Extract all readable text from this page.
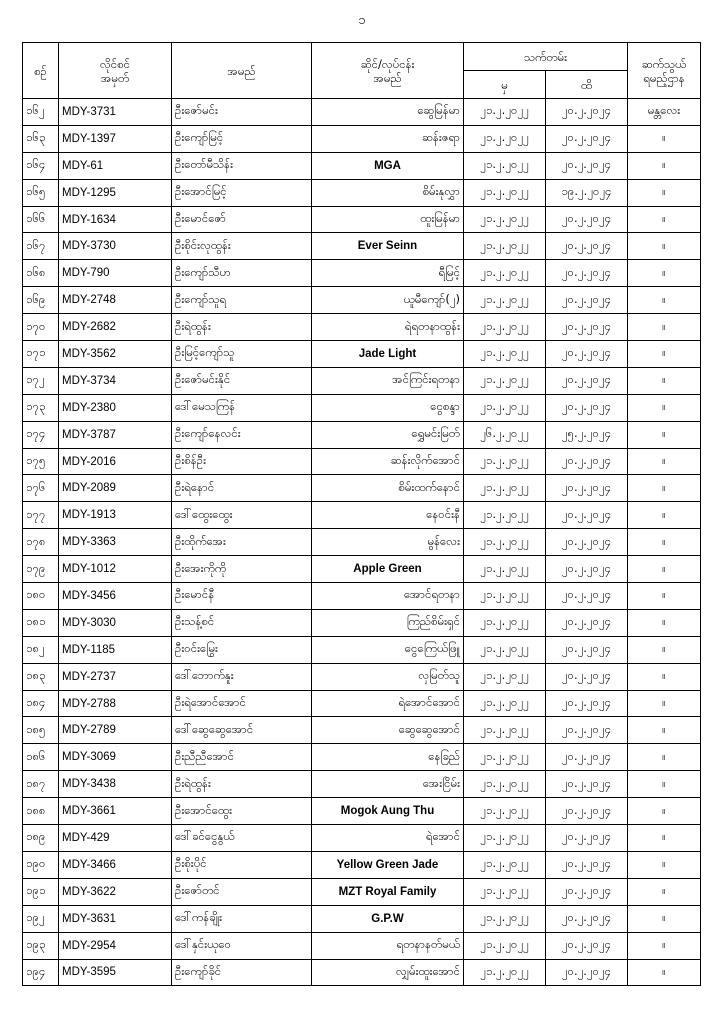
၁
စဉ်	လိုင်စင်
အမှတ်	အမည်	ဆိုင်/လုပ်ငန်း
အမည်	သက်တမ်း		ဆက်သွယ်
ရမည့်ဌာန
				မှ	ထိ	
၁၆၂	MDY-3731	ဦးဇော်မင်း	ဆွေမြန်မာ	၂၁.၂.၂၀၂၂	၂၀.၂.၂၀၂၄	မန္တလေး
၁၆၃	MDY-1397	ဦးကျော်မြင့်	ဆန်းဇရာ	၂၁.၂.၂၀၂၂	၂၀.၂.၂၀၂၄	။
၁၆၄	MDY-61	ဦးတော်မီသိန်း	MGA	၂၁.၂.၂၀၂၂	၂၀.၂.၂၀၂၄	။
၁၆၅	MDY-1295	ဦးအောင်မြင့်	စိမ်းနုလွှာ	၂၁.၂.၂၀၂၂	၁၉.၂.၂၀၂၄	။
၁၆၆	MDY-1634	ဦးမောင်ဇော်	ထူးမြန်မာ	၂၁.၂.၂၀၂၂	၂၀.၂.၂၀၂၄	။
၁၆၇	MDY-3730	ဦးစိုင်းလုထွန်း	Ever Seinn	၂၁.၂.၂၀၂၂	၂၀.၂.၂၀၂၄	။
၁၆၈	MDY-790	ဦးကျော်သီဟ	ရီမြင့်	၂၁.၂.၂၀၂၂	၂၀.၂.၂၀၂၄	။
၁၆၉	MDY-2748	ဦးကျော်သူရ	ယူမီကျော်(၂)	၂၁.၂.၂၀၂၂	၂၀.၂.၂၀၂၄	။
၁၇၀	MDY-2682	ဦးရဲထွန်း	ရဲရတနာထွန်း	၂၁.၂.၂၀၂၂	၂၀.၂.၂၀၂၄	။
၁၇၁	MDY-3562	ဦးမြင့်ကျော်သူ	Jade Light	၂၁.၂.၂၀၂၂	၂၀.၂.၂၀၂၄	။
၁၇၂	MDY-3734	ဦးဇော်မင်းနိုင်	အင်ကြင်းရတနာ	၂၁.၂.၂၀၂၂	၂၀.၂.၂၀၂၄	။
၁၇၃	MDY-2380	ဒေါ်မေသကြန်	ငွေစန္ဒာ	၂၁.၂.၂၀၂၂	၂၀.၂.၂၀၂၄	။
၁၇၄	MDY-3787	ဦးကျော်နေလင်း	ရွှေမင်းမြတ်	၂၆.၂.၂၀၂၂	၂၅.၂.၂၀၂၄	။
၁၇၅	MDY-2016	ဦးစိန်ဦး	ဆန်းလိုက်အောင်	၂၁.၂.၂၀၂၂	၂၀.၂.၂၀၂၄	။
၁၇၆	MDY-2089	ဦးရဲနောင်	စိမ်းထက်နောင်	၂၁.၂.၂၀၂၂	၂၀.၂.၂၀၂၄	။
၁၇၇	MDY-1913	ဒေါ်ထွေးထွေး	နေဝင်းနီ	၂၁.၂.၂၀၂၂	၂၀.၂.၂၀၂၄	။
၁၇၈	MDY-3363	ဦးထိုက်အေး	မွန်လေး	၂၁.၂.၂၀၂၂	၂၀.၂.၂၀၂၄	။
၁၇၉	MDY-1012	ဦးအေးကိုကို	Apple Green	၂၁.၂.၂၀၂၂	၂၀.၂.၂၀၂၄	။
၁၈၀	MDY-3456	ဦးမောင်နီ	အောင်ရတနာ	၂၁.၂.၂၀၂၂	၂၀.၂.၂၀၂၄	။
၁၈၁	MDY-3030	ဦးသန့်စင်	ကြည်စိမ်းရှင်	၂၁.၂.၂၀၂၂	၂၀.၂.၂၀၂၄	။
၁၈၂	MDY-1185	ဦးဝင်းမြွေး	ငွေကြေယ်ဖြူ	၂၁.၂.၂၀၂၂	၂၀.၂.၂၀၂၄	။
၁၈၃	MDY-2737	ဒေါ်ဘောက်နူး	လှမြတ်သူ	၂၁.၂.၂၀၂၂	၂၀.၂.၂၀၂၄	။
၁၈၄	MDY-2788	ဦးရဲအောင်အောင်	ရဲအောင်အောင်	၂၁.၂.၂၀၂၂	၂၀.၂.၂၀၂၄	။
၁၈၅	MDY-2789	ဒေါ်ဆွေဆွေအောင်	ဆွေဆွေအောင်	၂၁.၂.၂၀၂၂	၂၀.၂.၂၀၂၄	။
၁၈၆	MDY-3069	ဦးညီညီအောင်	နေခြည်	၂၁.၂.၂၀၂၂	၂၀.၂.၂၀၂၄	။
၁၈၇	MDY-3438	ဦးရဲထွန်း	အေးငြိမ်း	၂၁.၂.၂၀၂၂	၂၀.၂.၂၀၂၄	။
၁၈၈	MDY-3661	ဦးအောင်ထွေး	Mogok Aung Thu	၂၁.၂.၂၀၂၂	၂၀.၂.၂၀၂၄	။
၁၈၉	MDY-429	ဒေါ်ခင်ငွေနွယ်	ရဲအောင်	၂၁.၂.၂၀၂၂	၂၀.၂.၂၀၂၄	။
၁၉၀	MDY-3466	ဦးစိုးပိုင်	Yellow Green Jade	၂၁.၂.၂၀၂၂	၂၀.၂.၂၀၂၄	။
၁၉၁	MDY-3622	ဦးဇော်တင်	MZT Royal Family	၂၁.၂.၂၀၂၂	၂၀.၂.၂၀၂၄	။
၁၉၂	MDY-3631	ဒေါ်ကန်ချိုး	G.P.W	၂၁.၂.၂၀၂၂	၂၀.၂.၂၀၂၄	။
၁၉၃	MDY-2954	ဒေါ်နှင်းယုဝေ	ရတနာနတ်မယ်	၂၁.၂.၂၀၂၂	၂၀.၂.၂၀၂၄	။
၁၉၄	MDY-3595	ဦးကျော်ခိုင်	လျှမ်းထူးအောင်	၂၁.၂.၂၀၂၂	၂၀.၂.၂၀၂၄	။
